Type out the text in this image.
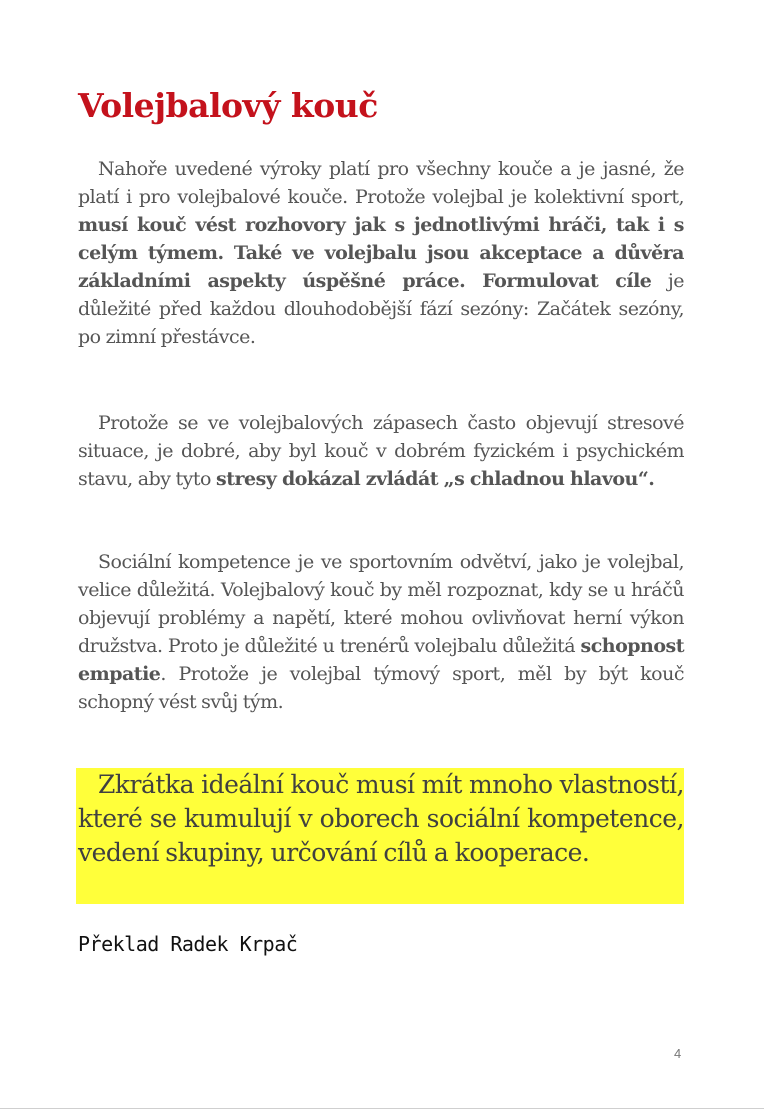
Volejbalový kouč

Nahoře uvedené výroky platí pro všechny kouče a je jasné, že platí i pro volejbalové kouče. Protože volejbal je kolektivní sport, musí kouč vést rozhovory jak s jednotlivými hráči, tak i s celým týmem. Také ve volejbalu jsou akceptace a důvěra základními aspekty úspěšné práce. Formulovat cíle je důležité před každou dlouhodobější fází sezóny: Začátek sezóny, po zimní přestávce.

Protože se ve volejbalových zápasech často objevují stresové situace, je dobré, aby byl kouč v dobrém fyzickém i psychickém stavu, aby tyto stresy dokázal zvládát „s chladnou hlavou“.

Sociální kompetence je ve sportovním odvětví, jako je volejbal, velice důležitá. Volejbalový kouč by měl rozpoznat, kdy se u hráčů objevují problémy a napětí, které mohou ovlivňovat herní výkon družstva. Proto je důležité u trenérů volejbalu důležitá schopnost empatie. Protože je volejbal týmový sport, měl by být kouč schopný vést svůj tým.

Zkrátka ideální kouč musí mít mnoho vlastností, které se kumulují v oborech sociální kompetence, vedení skupiny, určování cílů a kooperace.

Překlad Radek Krpač

4
